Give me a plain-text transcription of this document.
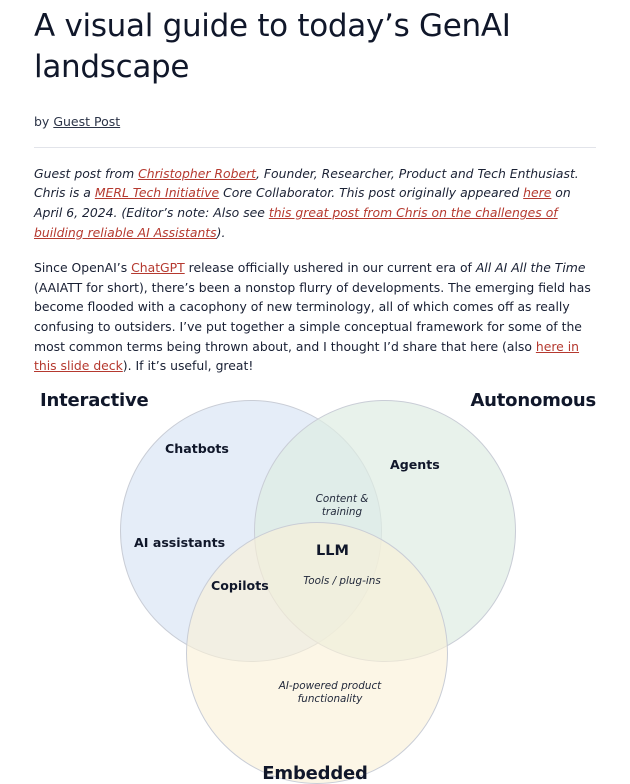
A visual guide to today’s GenAI landscape
by Guest Post

Guest post from Christopher Robert, Founder, Researcher, Product and Tech Enthusiast. Chris is a MERL Tech Initiative Core Collaborator. This post originally appeared here on April 6, 2024. (Editor’s note: Also see this great post from Chris on the challenges of building reliable AI Assistants).

Since OpenAI’s ChatGPT release officially ushered in our current era of All AI All the Time (AAIATT for short), there’s been a nonstop flurry of developments. The emerging field has become flooded with a cacophony of new terminology, all of which comes off as really confusing to outsiders. I’ve put together a simple conceptual framework for some of the most common terms being thrown about, and I thought I’d share that here (also here in this slide deck). If it’s useful, great!

Interactive	Autonomous
Embedded
Chatbots
Agents
AI assistants
Copilots
LLM
Content & training
Tools / plug-ins
AI-powered product functionality
